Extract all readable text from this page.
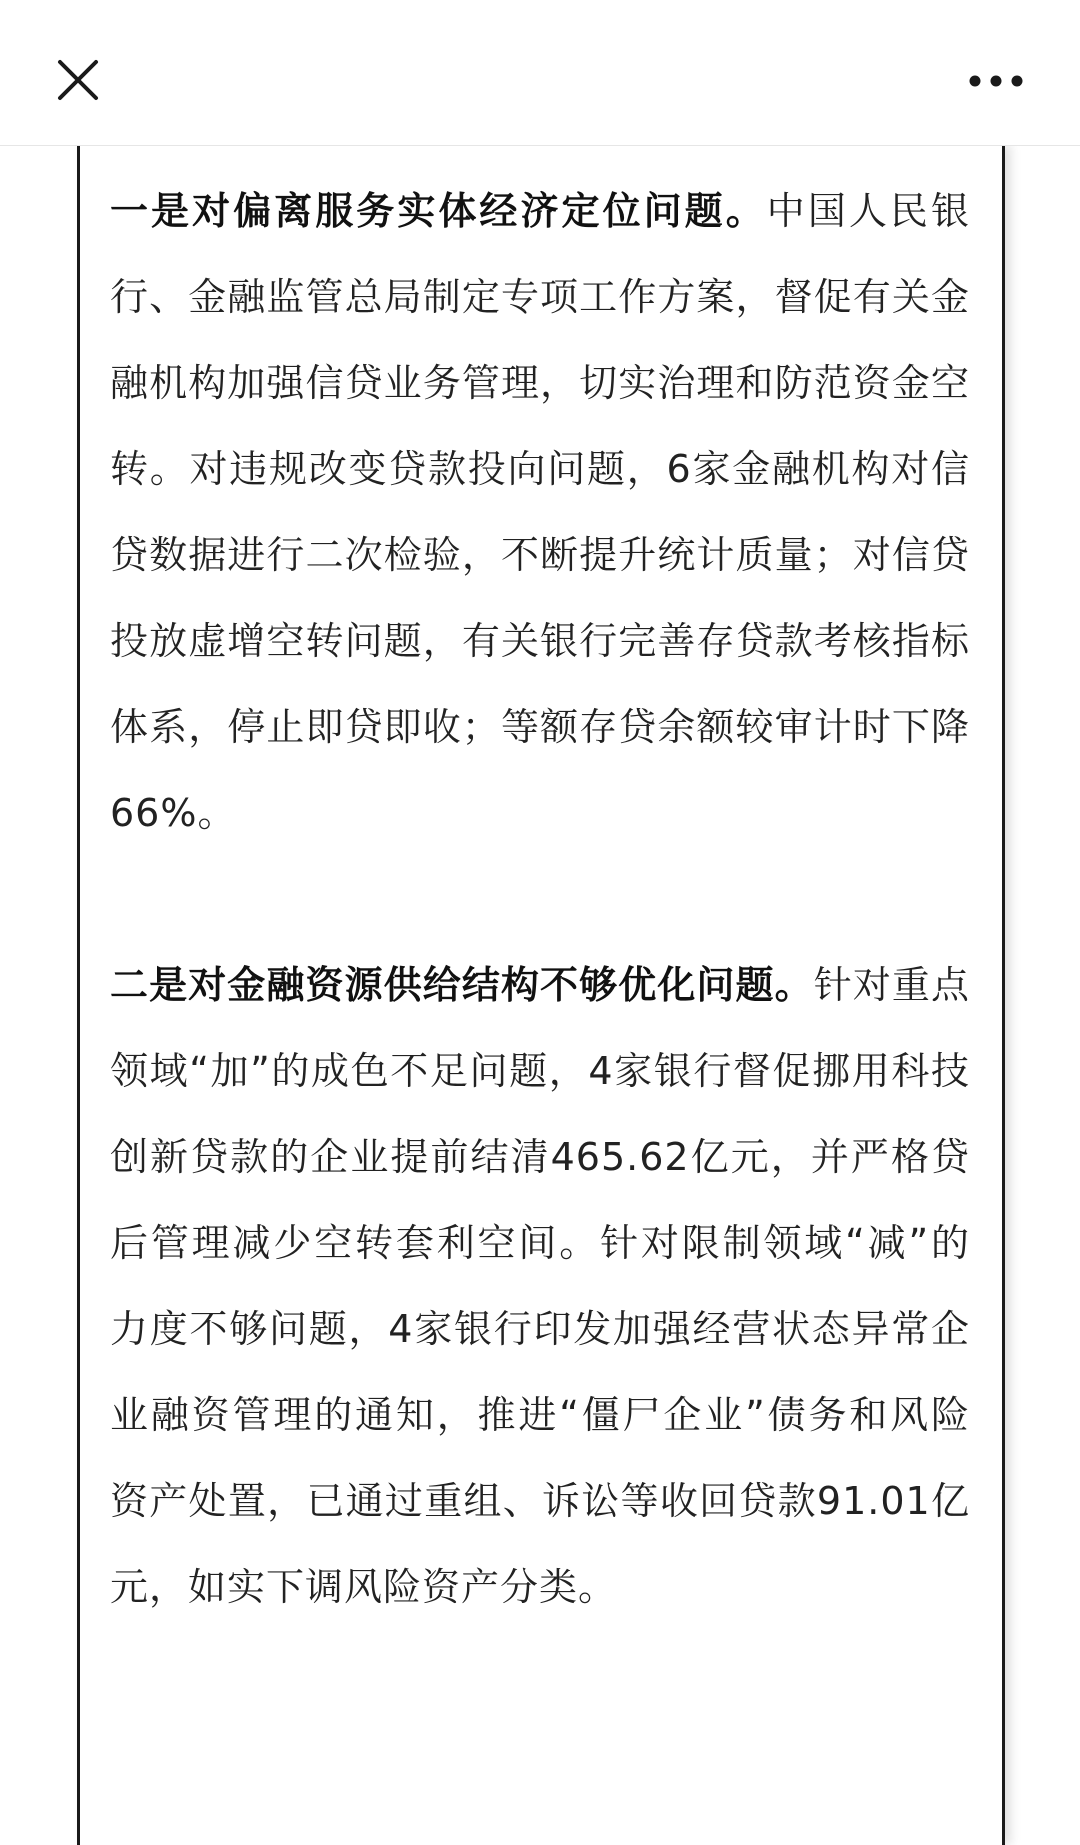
一是对偏离服务实体经济定位问题。中国人民银行、金融监管总局制定专项工作方案，督促有关金融机构加强信贷业务管理，切实治理和防范资金空转。对违规改变贷款投向问题，6家金融机构对信贷数据进行二次检验，不断提升统计质量；对信贷投放虚增空转问题，有关银行完善存贷款考核指标体系，停止即贷即收；等额存贷余额较审计时下降66%。

二是对金融资源供给结构不够优化问题。针对重点领域“加”的成色不足问题，4家银行督促挪用科技创新贷款的企业提前结清465.62亿元，并严格贷后管理减少空转套利空间。针对限制领域“减”的力度不够问题，4家银行印发加强经营状态异常企业融资管理的通知，推进“僵尸企业”债务和风险资产处置，已通过重组、诉讼等收回贷款91.01亿元，如实下调风险资产分类。
